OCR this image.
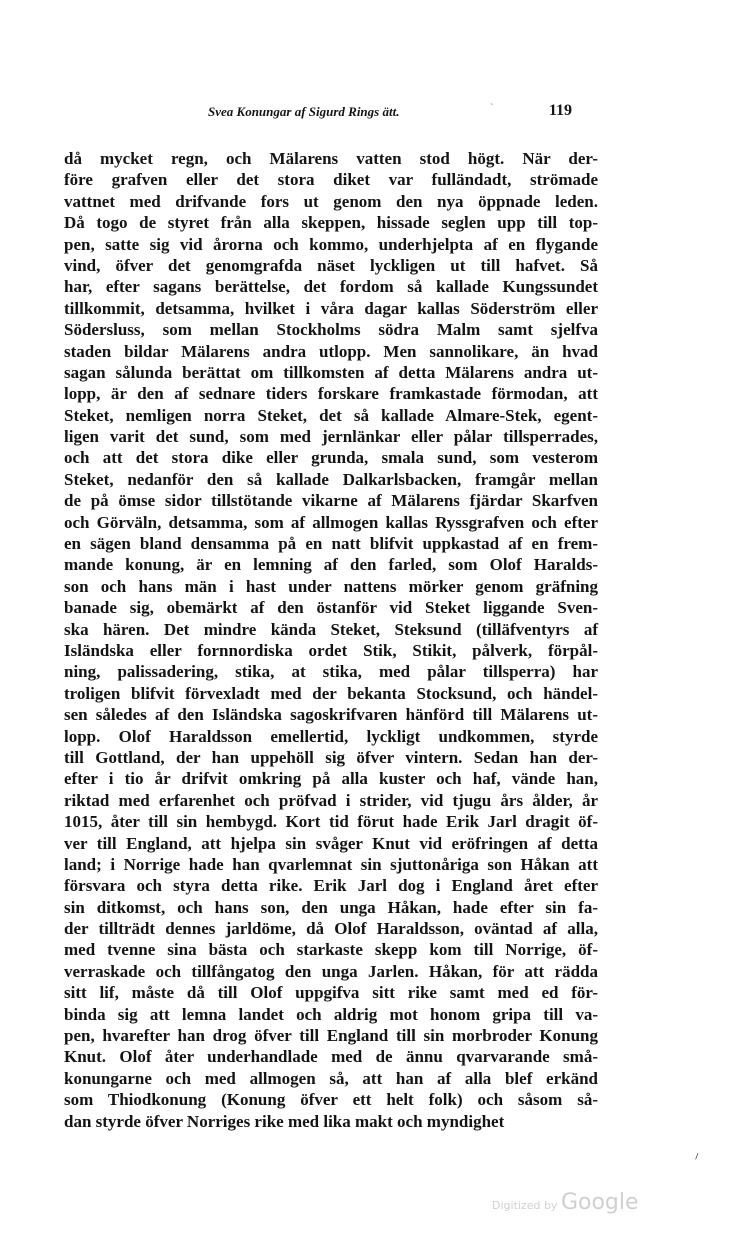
Svea Konungar af Sigurd Rings ätt.	`	119
då mycket regn, och Mälarens vatten stod högt. När der-
före grafven eller det stora diket var fulländadt, strömade
vattnet med drifvande fors ut genom den nya öppnade leden.
Då togo de styret från alla skeppen, hissade seglen upp till top-
pen, satte sig vid årorna och kommo, underhjelpta af en flygande
vind, öfver det genomgrafda näset lyckligen ut till hafvet. Så
har, efter sagans berättelse, det fordom så kallade Kungssundet
tillkommit, detsamma, hvilket i våra dagar kallas Söderström eller
Södersluss, som mellan Stockholms södra Malm samt sjelfva
staden bildar Mälarens andra utlopp. Men sannolikare, än hvad
sagan sålunda berättat om tillkomsten af detta Mälarens andra ut-
lopp, är den af sednare tiders forskare framkastade förmodan, att
Steket, nemligen norra Steket, det så kallade Almare-Stek, egent-
ligen varit det sund, som med jernlänkar eller pålar tillsperrades,
och att det stora dike eller grunda, smala sund, som vesterom
Steket, nedanför den så kallade Dalkarlsbacken, framgår mellan
de på ömse sidor tillstötande vikarne af Mälarens fjärdar Skarfven
och Görväln, detsamma, som af allmogen kallas Ryssgrafven och efter
en sägen bland densamma på en natt blifvit uppkastad af en frem-
mande konung, är en lemning af den farled, som Olof Haralds-
son och hans män i hast under nattens mörker genom gräfning
banade sig, obemärkt af den östanför vid Steket liggande Sven-
ska hären. Det mindre kända Steket, Steksund (tilläfventyrs af
Isländska eller fornnordiska ordet Stik, Stikit, pålverk, förpål-
ning, palissadering, stika, at stika, med pålar tillsperra) har
troligen blifvit förvexladt med der bekanta Stocksund, och händel-
sen således af den Isländska sagoskrifvaren hänförd till Mälarens ut-
lopp. Olof Haraldsson emellertid, lyckligt undkommen, styrde
till Gottland, der han uppehöll sig öfver vintern. Sedan han der-
efter i tio år drifvit omkring på alla kuster och haf, vände han,
riktad med erfarenhet och pröfvad i strider, vid tjugu års ålder, år
1015, åter till sin hembygd. Kort tid förut hade Erik Jarl dragit öf-
ver till England, att hjelpa sin svåger Knut vid eröfringen af detta
land; i Norrige hade han qvarlemnat sin sjuttonåriga son Håkan att
försvara och styra detta rike. Erik Jarl dog i England året efter
sin ditkomst, och hans son, den unga Håkan, hade efter sin fa-
der tillträdt dennes jarldöme, då Olof Haraldsson, oväntad af alla,
med tvenne sina bästa och starkaste skepp kom till Norrige, öf-
verraskade och tillfångatog den unga Jarlen. Håkan, för att rädda
sitt lif, måste då till Olof uppgifva sitt rike samt med ed för-
binda sig att lemna landet och aldrig mot honom gripa till va-
pen, hvarefter han drog öfver till England till sin morbroder Konung
Knut. Olof åter underhandlade med de ännu qvarvarande små-
konungarne och med allmogen så, att han af alla blef erkänd
som Thiodkonung (Konung öfver ett helt folk) och såsom så-
dan styrde öfver Norriges rike med lika makt och myndighet
⸝
Digitized by Google
